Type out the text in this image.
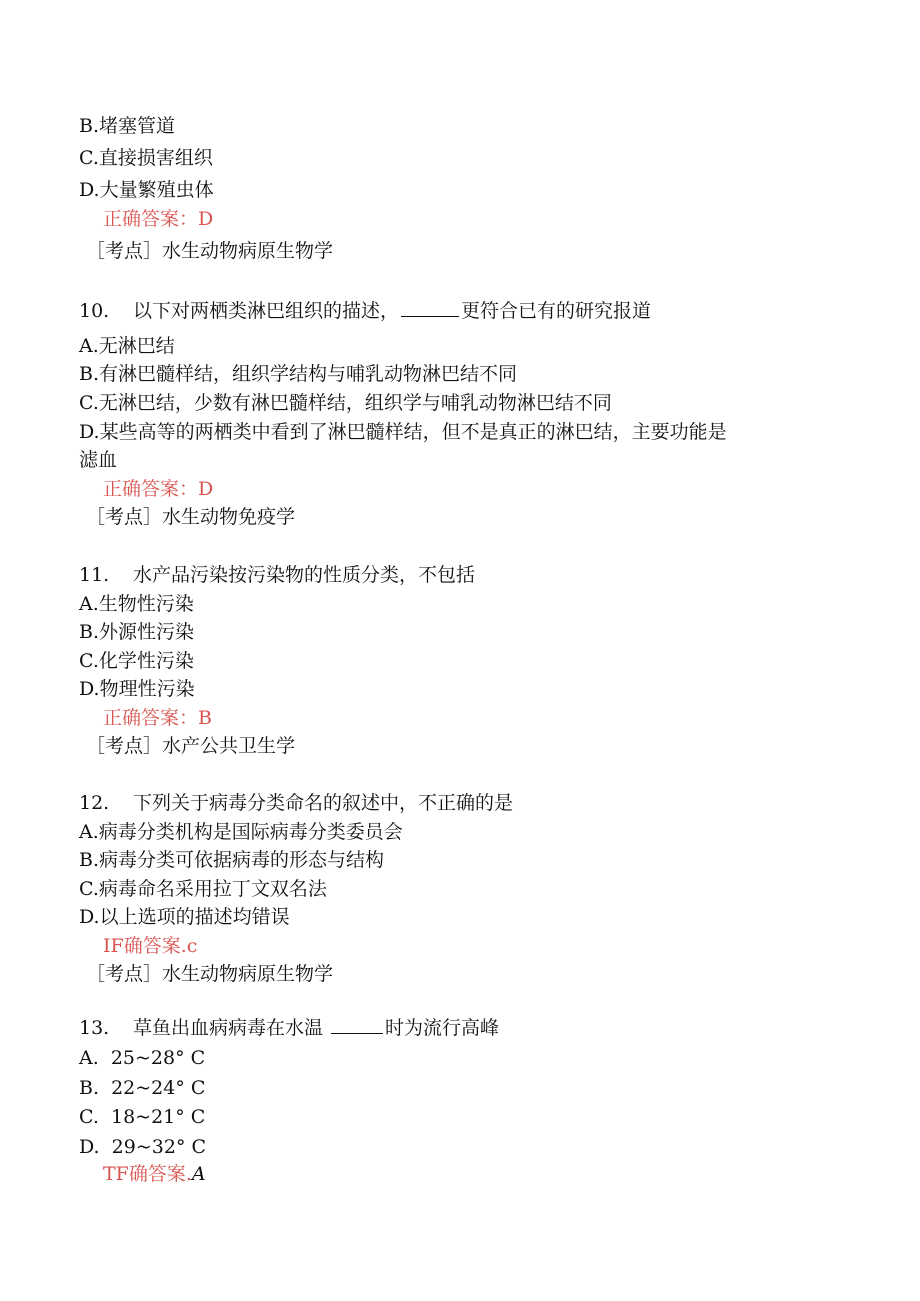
B.堵塞管道
C.直接损害组织
D.大量繁殖虫体
正确答案：D
［考点］水生动物病原生物学
10. 以下对两栖类淋巴组织的描述，	更符合已有的研究报道
A.无淋巴结
B.有淋巴髓样结，组织学结构与哺乳动物淋巴结不同
C.无淋巴结，少数有淋巴髓样结，组织学与哺乳动物淋巴结不同
D.某些高等的两栖类中看到了淋巴髓样结，但不是真正的淋巴结，主要功能是
滤血
正确答案：D
［考点］水生动物免疫学
11. 水产品污染按污染物的性质分类，不包括
A.生物性污染
B.外源性污染
C.化学性污染
D.物理性污染
正确答案：B
［考点］水产公共卫生学
12. 下列关于病毒分类命名的叙述中，不正确的是
A.病毒分类机构是国际病毒分类委员会
B.病毒分类可依据病毒的形态与结构
C.病毒命名采用拉丁文双名法
D.以上选项的描述均错误
IF确答案.c
［考点］水生动物病原生物学
13. 草鱼出血病病毒在水温	时为流行高峰
A.  25~28° C
B.  22~24° C
C.  18~21° C
D.  29~32° C
TF确答案.A
